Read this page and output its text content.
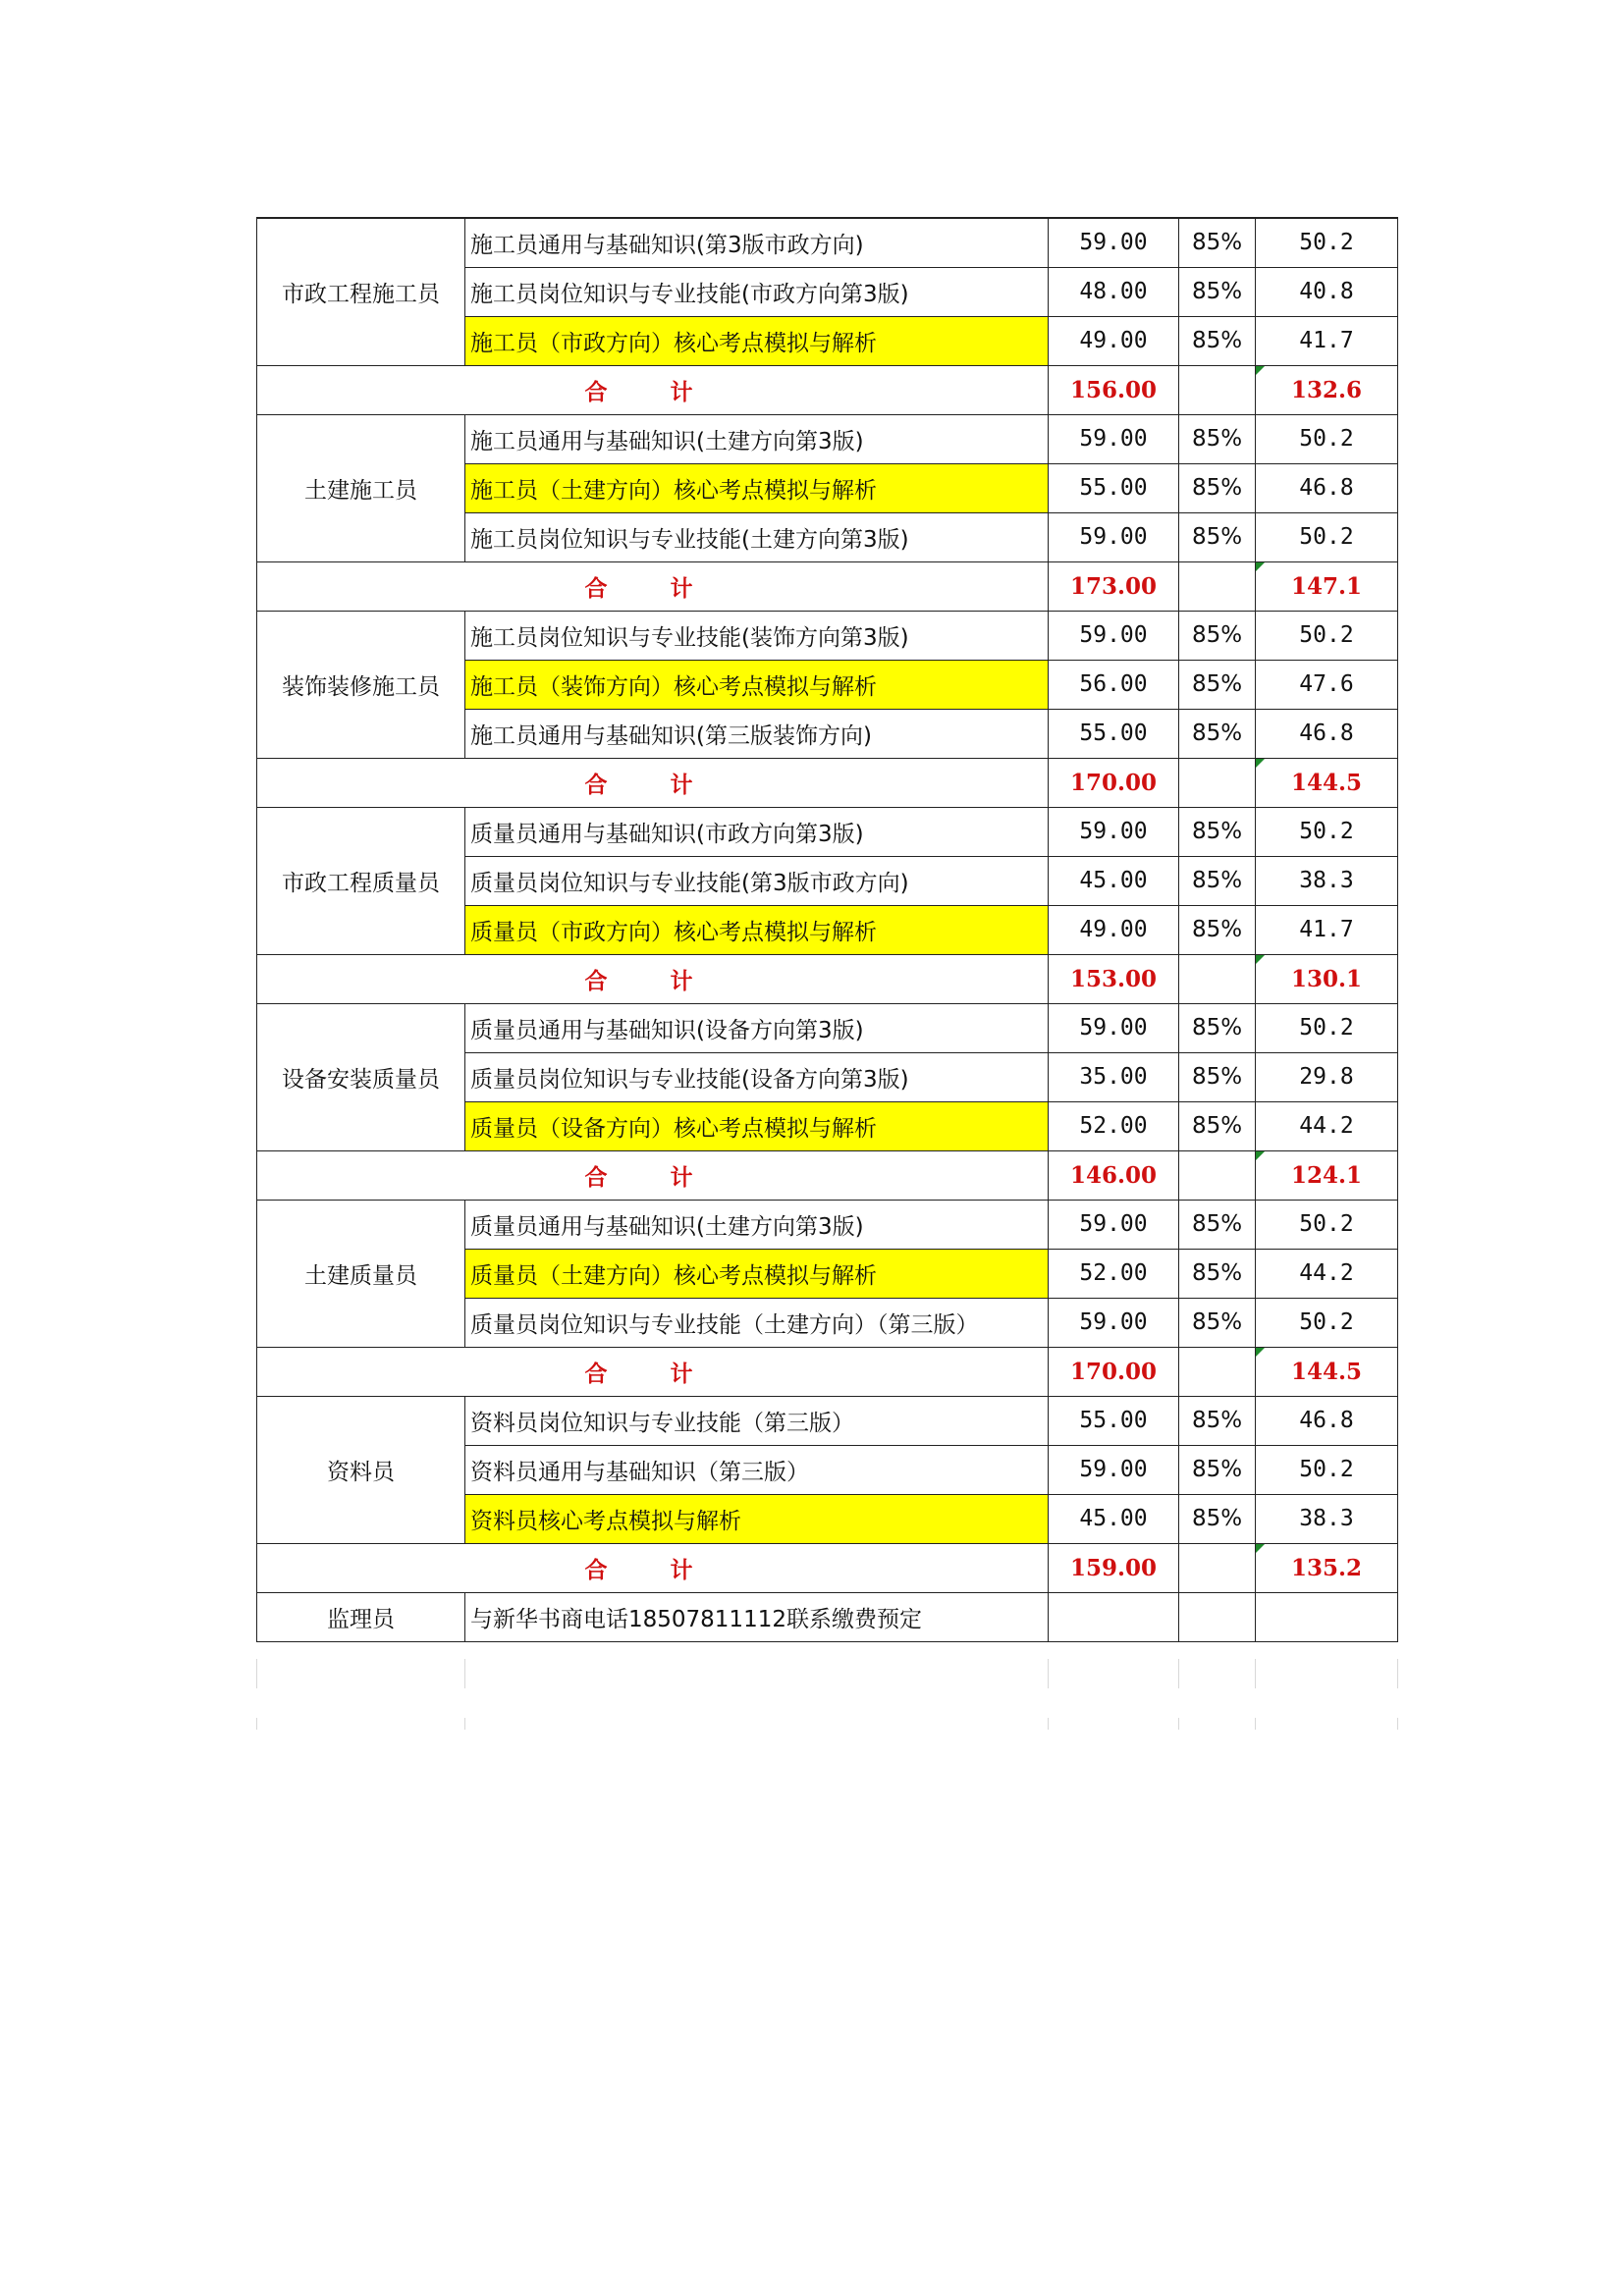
市政工程施工员	施工员通用与基础知识(第3版市政方向)	59.00	85%	50.2
	施工员岗位知识与专业技能(市政方向第3版)	48.00	85%	40.8
	施工员（市政方向）核心考点模拟与解析	49.00	85%	41.7
合 计		156.00		132.6
土建施工员	施工员通用与基础知识(土建方向第3版)	59.00	85%	50.2
	施工员（土建方向）核心考点模拟与解析	55.00	85%	46.8
	施工员岗位知识与专业技能(土建方向第3版)	59.00	85%	50.2
合 计		173.00		147.1
装饰装修施工员	施工员岗位知识与专业技能(装饰方向第3版)	59.00	85%	50.2
	施工员（装饰方向）核心考点模拟与解析	56.00	85%	47.6
	施工员通用与基础知识(第三版装饰方向)	55.00	85%	46.8
合 计		170.00		144.5
市政工程质量员	质量员通用与基础知识(市政方向第3版)	59.00	85%	50.2
	质量员岗位知识与专业技能(第3版市政方向)	45.00	85%	38.3
	质量员（市政方向）核心考点模拟与解析	49.00	85%	41.7
合 计		153.00		130.1
设备安装质量员	质量员通用与基础知识(设备方向第3版)	59.00	85%	50.2
	质量员岗位知识与专业技能(设备方向第3版)	35.00	85%	29.8
	质量员（设备方向）核心考点模拟与解析	52.00	85%	44.2
合 计		146.00		124.1
土建质量员	质量员通用与基础知识(土建方向第3版)	59.00	85%	50.2
	质量员（土建方向）核心考点模拟与解析	52.00	85%	44.2
	质量员岗位知识与专业技能（土建方向）（第三版）	59.00	85%	50.2
合 计		170.00		144.5
资料员	资料员岗位知识与专业技能（第三版）	55.00	85%	46.8
	资料员通用与基础知识（第三版）	59.00	85%	50.2
	资料员核心考点模拟与解析	45.00	85%	38.3
合 计		159.00		135.2
监理员	与新华书商电话18507811112联系缴费预定			
